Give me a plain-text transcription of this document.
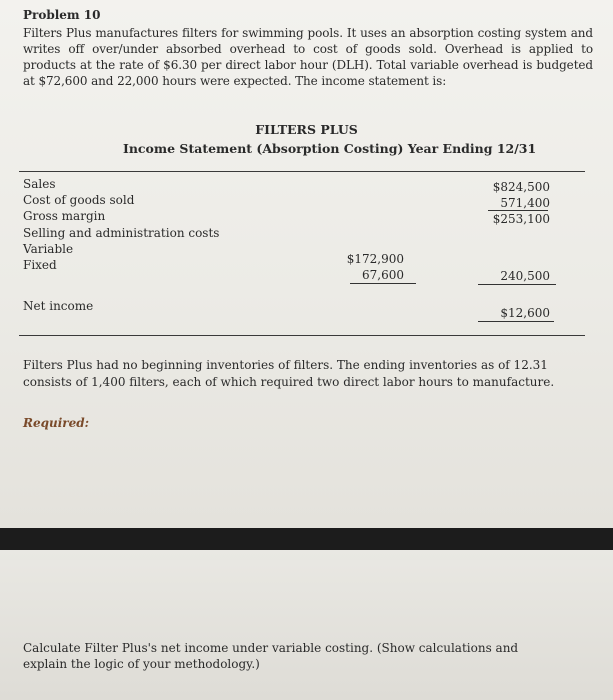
Problem 10
Filters Plus manufactures filters for swimming pools. It uses an absorption costing system and writes off over/under absorbed overhead to cost of goods sold. Overhead is applied to products at the rate of $6.30 per direct labor hour (DLH). Total variable overhead is budgeted at $72,600 and 22,000 hours were expected. The income statement is:
FILTERS PLUS
Income Statement (Absorption Costing) Year Ending 12/31
Sales
Cost of goods sold
Gross margin
Selling and administration costs
Variable
Fixed
Net income
$824,500
571,400
$253,100
240,500
$12,600
$172,900
67,600
Filters Plus had no beginning inventories of filters. The ending inventories as of 12.31 consists of 1,400 filters, each of which required two direct labor hours to manufacture.
Required:
Calculate Filter Plus's net income under variable costing. (Show calculations and explain the logic of your methodology.)
